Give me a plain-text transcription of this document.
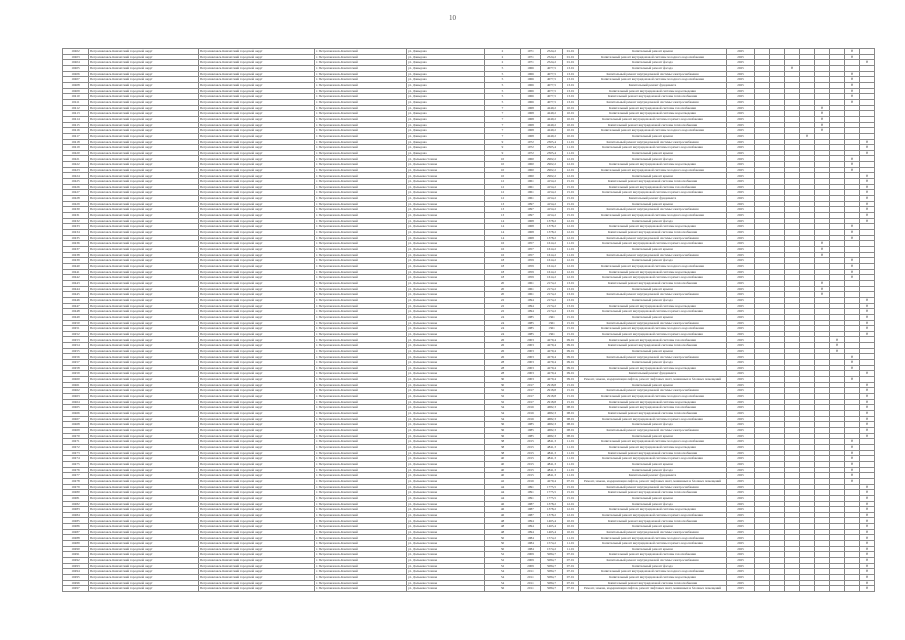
10
10402	Петропавловск-Камчатский городской округ	Петропавловск-Камчатский городской округ	г. Петропавловск-Камчатский	ул. Давыдова	2	1971	2524,2	01.01	Капитальный ремонт крыши	2025							✕	
10403	Петропавловск-Камчатский городской округ	Петропавловск-Камчатский городской округ	г. Петропавловск-Камчатский	ул. Давыдова	2	1971	2524,2	01.01	Капитальный ремонт внутридомовой системы холодного водоснабжения	2025							✕	
10404	Петропавловск-Камчатский городской округ	Петропавловск-Камчатский городской округ	г. Петропавловск-Камчатский	ул. Давыдова	2	1971	2524,2	01.01	Капитальный ремонт фасада	2025								✕
10405	Петропавловск-Камчатский городской округ	Петропавловск-Камчатский городской округ	г. Петропавловск-Камчатский	ул. Давыдова	5	1966	4077,5	13.01	Капитальный ремонт фасада	2025			✕					
10406	Петропавловск-Камчатский городской округ	Петропавловск-Камчатский городской округ	г. Петропавловск-Камчатский	ул. Давыдова	5	1966	4077,5	13.01	Капитальный ремонт внутридомовой системы электроснабжения	2025							✕	
10407	Петропавловск-Камчатский городской округ	Петропавловск-Камчатский городской округ	г. Петропавловск-Камчатский	ул. Давыдова	5	1966	4077,5	13.01	Капитальный ремонт внутридомовой системы холодного водоснабжения	2025							✕	
10408	Петропавловск-Камчатский городской округ	Петропавловск-Камчатский городской округ	г. Петропавловск-Камчатский	ул. Давыдова	5	1966	4077,5	13.01	Капитальный ремонт фундамента	2025							✕	
10409	Петропавловск-Камчатский городской округ	Петропавловск-Камчатский городской округ	г. Петропавловск-Камчатский	ул. Давыдова	5	1966	4077,5	13.01	Капитальный ремонт внутридомовой системы водоотведения	2025							✕	
10410	Петропавловск-Камчатский городской округ	Петропавловск-Камчатский городской округ	г. Петропавловск-Камчатский	ул. Давыдова	5	1966	4077,5	13.01	Капитальный ремонт внутридомовой системы теплоснабжения	2025							✕	
10411	Петропавловск-Камчатский городской округ	Петропавловск-Камчатский городской округ	г. Петропавловск-Камчатский	ул. Давыдова	5	1966	4077,5	13.01	Капитальный ремонт внутридомовой системы электроснабжения	2025							✕	
10412	Петропавловск-Камчатский городской округ	Петропавловск-Камчатский городской округ	г. Петропавловск-Камчатский	ул. Давыдова	7	1968	4249,2	10.01	Капитальный ремонт внутридомовой системы газоснабжения	2025					✕			
10413	Петропавловск-Камчатский городской округ	Петропавловск-Камчатский городской округ	г. Петропавловск-Камчатский	ул. Давыдова	7	1968	4249,2	10.01	Капитальный ремонт внутридомовой системы водоотведения	2025					✕			
10414	Петропавловск-Камчатский городской округ	Петропавловск-Камчатский городской округ	г. Петропавловск-Камчатский	ул. Давыдова	7	1968	4249,2	10.01	Капитальный ремонт внутридомовой системы горячего водоснабжения	2025					✕			
10415	Петропавловск-Камчатский городской округ	Петропавловск-Камчатский городской округ	г. Петропавловск-Камчатский	ул. Давыдова	7	1968	4249,2	10.01	Капитальный ремонт внутридомовой системы теплоснабжения	2025					✕			
10416	Петропавловск-Камчатский городской округ	Петропавловск-Камчатский городской округ	г. Петропавловск-Камчатский	ул. Давыдова	7	1968	4249,2	10.01	Капитальный ремонт внутридомовой системы холодного водоснабжения	2025					✕			
10417	Петропавловск-Камчатский городской округ	Петропавловск-Камчатский городской округ	г. Петропавловск-Камчатский	ул. Давыдова	7	1968	4249,2	10.01	Капитальный ремонт крыши	2025				✕				
10418	Петропавловск-Камчатский городской округ	Петропавловск-Камчатский городской округ	г. Петропавловск-Камчатский	ул. Давыдова	9	1972	2305,4	11.01	Капитальный ремонт внутридомовой системы электроснабжения	2025								✕
10419	Петропавловск-Камчатский городской округ	Петропавловск-Камчатский городской округ	г. Петропавловск-Камчатский	ул. Давыдова	9	1972	2305,4	11.01	Капитальный ремонт внутридомовой системы горячего водоснабжения	2025								✕
10420	Петропавловск-Камчатский городской округ	Петропавловск-Камчатский городской округ	г. Петропавловск-Камчатский	ул. Давыдова	9	1972	2305,4	11.01	Капитальный ремонт крыши	2025								✕
10421	Петропавловск-Камчатский городской округ	Петропавловск-Камчатский городской округ	г. Петропавловск-Камчатский	ул. Дальневосточная	10	1960	2902,2	12.01	Капитальный ремонт фасада	2025							✕	
10422	Петропавловск-Камчатский городской округ	Петропавловск-Камчатский городской округ	г. Петропавловск-Камчатский	ул. Дальневосточная	10	1960	2902,2	12.01	Капитальный ремонт внутридомовой системы водоотведения	2025							✕	
10423	Петропавловск-Камчатский городской округ	Петропавловск-Камчатский городской округ	г. Петропавловск-Камчатский	ул. Дальневосточная	10	1960	2902,2	12.01	Капитальный ремонт внутридомовой системы холодного водоснабжения	2025							✕	
10424	Петропавловск-Камчатский городской округ	Петропавловск-Камчатский городской округ	г. Петропавловск-Камчатский	ул. Дальневосточная	10	1960	2902,2	12.01	Капитальный ремонт крыши	2025								✕
10425	Петропавловск-Камчатский городской округ	Петропавловск-Камчатский городской округ	г. Петропавловск-Камчатский	ул. Дальневосточная	12	1961	4154,2	15.01	Капитальный ремонт внутридомовой системы теплоснабжения	2025								✕
10426	Петропавловск-Камчатский городской округ	Петропавловск-Камчатский городской округ	г. Петропавловск-Камчатский	ул. Дальневосточная	12	1961	4154,2	15.01	Капитальный ремонт внутридомовой системы газоснабжения	2025								✕
10427	Петропавловск-Камчатский городской округ	Петропавловск-Камчатский городской округ	г. Петропавловск-Камчатский	ул. Дальневосточная	12	1961	4154,2	15.01	Капитальный ремонт внутридомовой системы горячего водоснабжения	2025								✕
10428	Петропавловск-Камчатский городской округ	Петропавловск-Камчатский городской округ	г. Петропавловск-Камчатский	ул. Дальневосточная	12	1961	4154,2	15.01	Капитальный ремонт фундамента	2025								✕
10429	Петропавловск-Камчатский городской округ	Петропавловск-Камчатский городской округ	г. Петропавловск-Камчатский	ул. Дальневосточная	13	1997	4154,2	15.01	Капитальный ремонт крыши	2025								✕
10430	Петропавловск-Камчатский городской округ	Петропавловск-Камчатский городской округ	г. Петропавловск-Камчатский	ул. Дальневосточная	13	1997	4154,2	15.01	Капитальный ремонт внутридомовой системы электроснабжения	2025								✕
10431	Петропавловск-Камчатский городской округ	Петропавловск-Камчатский городской округ	г. Петропавловск-Камчатский	ул. Дальневосточная	13	1997	4154,2	15.01	Капитальный ремонт внутридомовой системы холодного водоснабжения	2025								✕
10432	Петропавловск-Камчатский городской округ	Петропавловск-Камчатский городской округ	г. Петропавловск-Камчатский	ул. Дальневосточная	14	1968	1378,2	12.01	Капитальный ремонт фасада	2025								✕
10433	Петропавловск-Камчатский городской округ	Петропавловск-Камчатский городской округ	г. Петропавловск-Камчатский	ул. Дальневосточная	14	1968	1378,2	12.01	Капитальный ремонт внутридомовой системы водоотведения	2025							✕	
10434	Петропавловск-Камчатский городской округ	Петропавловск-Камчатский городской округ	г. Петропавловск-Камчатский	ул. Дальневосточная	14	1968	1378,2	12.01	Капитальный ремонт внутридомовой системы теплоснабжения	2025							✕	
10435	Петропавловск-Камчатский городской округ	Петропавловск-Камчатский городской округ	г. Петропавловск-Камчатский	ул. Дальневосточная	14	1968	1378,2	12.01	Капитальный ремонт внутридомовой системы электроснабжения	2025							✕	
10436	Петропавловск-Камчатский городской округ	Петропавловск-Камчатский городской округ	г. Петропавловск-Камчатский	ул. Дальневосточная	16	1957	1614,2	11.01	Капитальный ремонт внутридомовой системы горячего водоснабжения	2025					✕			
10437	Петропавловск-Камчатский городской округ	Петропавловск-Камчатский городской округ	г. Петропавловск-Камчатский	ул. Дальневосточная	16	1957	1614,2	11.01	Капитальный ремонт крыши	2025					✕			
10438	Петропавловск-Камчатский городской округ	Петропавловск-Камчатский городской округ	г. Петропавловск-Камчатский	ул. Дальневосточная	16	1957	1614,2	11.01	Капитальный ремонт внутридомовой системы электроснабжения	2025					✕			
10439	Петропавловск-Камчатский городской округ	Петропавловск-Камчатский городской округ	г. Петропавловск-Камчатский	ул. Дальневосточная	18	1959	1614,2	12.01	Капитальный ремонт фасада	2025							✕	
10440	Петропавловск-Камчатский городской округ	Петропавловск-Камчатский городской округ	г. Петропавловск-Камчатский	ул. Дальневосточная	18	1959	1614,2	12.01	Капитальный ремонт внутридомовой системы холодного водоснабжения	2025							✕	
10441	Петропавловск-Камчатский городской округ	Петропавловск-Камчатский городской округ	г. Петропавловск-Камчатский	ул. Дальневосточная	18	1959	1614,2	12.01	Капитальный ремонт внутридомовой системы водоотведения	2025							✕	
10442	Петропавловск-Камчатский городской округ	Петропавловск-Камчатский городской округ	г. Петропавловск-Камчатский	ул. Дальневосточная	18	1959	1614,2	12.01	Капитальный ремонт внутридомовой системы горячего водоснабжения	2025							✕	
10443	Петропавловск-Камчатский городской округ	Петропавловск-Камчатский городской округ	г. Петропавловск-Камчатский	ул. Дальневосточная	20	1961	2174,2	13.01	Капитальный ремонт внутридомовой системы теплоснабжения	2025					✕			
10444	Петропавловск-Камчатский городской округ	Петропавловск-Камчатский городской округ	г. Петропавловск-Камчатский	ул. Дальневосточная	20	1961	2174,2	13.01	Капитальный ремонт крыши	2025					✕			
10445	Петропавловск-Камчатский городской округ	Петропавловск-Камчатский городской округ	г. Петропавловск-Камчатский	ул. Дальневосточная	20	1961	2174,2	13.01	Капитальный ремонт внутридомовой системы электроснабжения	2025					✕			
10446	Петропавловск-Камчатский городской округ	Петропавловск-Камчатский городской округ	г. Петропавловск-Камчатский	ул. Дальневосточная	22	1994	2174,2	13.01	Капитальный ремонт фасада	2025								✕
10447	Петропавловск-Камчатский городской округ	Петропавловск-Камчатский городской округ	г. Петропавловск-Камчатский	ул. Дальневосточная	22	1994	2174,2	13.01	Капитальный ремонт внутридомовой системы водоотведения	2025								✕
10448	Петропавловск-Камчатский городской округ	Петропавловск-Камчатский городской округ	г. Петропавловск-Камчатский	ул. Дальневосточная	22	1994	2174,2	13.01	Капитальный ремонт внутридомовой системы горячего водоснабжения	2025								✕
10449	Петропавловск-Камчатский городской округ	Петропавловск-Камчатский городской округ	г. Петропавловск-Камчатский	ул. Дальневосточная	24	1985	1361	15.01	Капитальный ремонт крыши	2025								✕
10450	Петропавловск-Камчатский городской округ	Петропавловск-Камчатский городской округ	г. Петропавловск-Камчатский	ул. Дальневосточная	24	1985	1361	15.01	Капитальный ремонт внутридомовой системы электроснабжения	2025								✕
10451	Петропавловск-Камчатский городской округ	Петропавловск-Камчатский городской округ	г. Петропавловск-Камчатский	ул. Дальневосточная	24	1985	1361	15.01	Капитальный ремонт внутридомовой системы холодного водоснабжения	2025								✕
10452	Петропавловск-Камчатский городской округ	Петропавловск-Камчатский городской округ	г. Петропавловск-Камчатский	ул. Дальневосточная	24	1985	1361	15.01	Капитальный ремонт внутридомовой системы горячего водоснабжения	2025								✕
10453	Петропавловск-Камчатский городской округ	Петропавловск-Камчатский городской округ	г. Петропавловск-Камчатский	ул. Дальневосточная	26	2003	4279,4	09.01	Капитальный ремонт внутридомовой системы газоснабжения	2025						✕		
10454	Петропавловск-Камчатский городской округ	Петропавловск-Камчатский городской округ	г. Петропавловск-Камчатский	ул. Дальневосточная	26	2003	4279,4	09.01	Капитальный ремонт внутридомовой системы теплоснабжения	2025						✕		
10455	Петропавловск-Камчатский городской округ	Петропавловск-Камчатский городской округ	г. Петропавловск-Камчатский	ул. Дальневосточная	26	2003	4279,4	09.01	Капитальный ремонт крыши	2025						✕		
10456	Петропавловск-Камчатский городской округ	Петропавловск-Камчатский городской округ	г. Петропавловск-Камчатский	ул. Дальневосточная	26	2003	4279,4	09.01	Капитальный ремонт внутридомовой системы электроснабжения	2025							✕	
10457	Петропавловск-Камчатский городской округ	Петропавловск-Камчатский городской округ	г. Петропавловск-Камчатский	ул. Дальневосточная	28	2003	4279,4	09.01	Капитальный ремонт фасада	2025							✕	
10458	Петропавловск-Камчатский городской округ	Петропавловск-Камчатский городской округ	г. Петропавловск-Камчатский	ул. Дальневосточная	28	2003	4279,4	09.01	Капитальный ремонт внутридомовой системы водоотведения	2025							✕	
10459	Петропавловск-Камчатский городской округ	Петропавловск-Камчатский городской округ	г. Петропавловск-Камчатский	ул. Дальневосточная	28	2003	4279,4	09.01	Капитальный ремонт фундамента	2025								✕
10460	Петропавловск-Камчатский городской округ	Петропавловск-Камчатский городской округ	г. Петропавловск-Камчатский	ул. Дальневосточная	30	2003	4279,4	09.01	Ремонт, замена, модернизация лифтов, ремонт лифтовых шахт, машинных и блочных помещений	2025							✕	
10461	Петропавловск-Камчатский городской округ	Петропавловск-Камчатский городской округ	г. Петропавловск-Камчатский	ул. Дальневосточная	30	2017	2918,8	15.01	Капитальный ремонт крыши	2025								✕
10462	Петропавловск-Камчатский городской округ	Петропавловск-Камчатский городской округ	г. Петропавловск-Камчатский	ул. Дальневосточная	32	2017	2918,8	15.01	Капитальный ремонт внутридомовой системы электроснабжения	2025								✕
10463	Петропавловск-Камчатский городской округ	Петропавловск-Камчатский городской округ	г. Петропавловск-Камчатский	ул. Дальневосточная	32	2017	2918,8	15.01	Капитальный ремонт внутридомовой системы холодного водоснабжения	2025								✕
10464	Петропавловск-Камчатский городской округ	Петропавловск-Камчатский городской округ	г. Петропавловск-Камчатский	ул. Дальневосточная	32	2017	2918,8	15.01	Капитальный ремонт внутридомовой системы водоотведения	2025								✕
10465	Петропавловск-Камчатский городской округ	Петропавловск-Камчатский городской округ	г. Петропавловск-Камчатский	ул. Дальневосточная	34	2016	4682,3	08.01	Капитальный ремонт внутридомовой системы газоснабжения	2025								✕
10466	Петропавловск-Камчатский городской округ	Петропавловск-Камчатский городской округ	г. Петропавловск-Камчатский	ул. Дальневосточная	34	2016	4682,3	08.01	Капитальный ремонт внутридомовой системы теплоснабжения	2025								✕
10467	Петропавловск-Камчатский городской округ	Петропавловск-Камчатский городской округ	г. Петропавловск-Камчатский	ул. Дальневосточная	34	2016	4682,3	08.01	Капитальный ремонт внутридомовой системы горячего водоснабжения	2025								✕
10468	Петропавловск-Камчатский городской округ	Петропавловск-Камчатский городской округ	г. Петропавловск-Камчатский	ул. Дальневосточная	36	1985	4682,3	08.01	Капитальный ремонт фасада	2025								✕
10469	Петропавловск-Камчатский городской округ	Петропавловск-Камчатский городской округ	г. Петропавловск-Камчатский	ул. Дальневосточная	36	1985	4682,3	08.01	Капитальный ремонт внутридомовой системы электроснабжения	2025								✕
10470	Петропавловск-Камчатский городской округ	Петропавловск-Камчатский городской округ	г. Петропавловск-Камчатский	ул. Дальневосточная	36	1985	4682,3	08.01	Капитальный ремонт крыши	2025								✕
10471	Петропавловск-Камчатский городской округ	Петропавловск-Камчатский городской округ	г. Петропавловск-Камчатский	ул. Дальневосточная	38	2015	4841,3	11.01	Капитальный ремонт внутридомовой системы холодного водоснабжения	2025							✕	
10472	Петропавловск-Камчатский городской округ	Петропавловск-Камчатский городской округ	г. Петропавловск-Камчатский	ул. Дальневосточная	38	2015	4841,3	11.01	Капитальный ремонт внутридомовой системы водоотведения	2025							✕	
10473	Петропавловск-Камчатский городской округ	Петропавловск-Камчатский городской округ	г. Петропавловск-Камчатский	ул. Дальневосточная	38	2015	4841,3	11.01	Капитальный ремонт внутридомовой системы теплоснабжения	2025							✕	
10474	Петропавловск-Камчатский городской округ	Петропавловск-Камчатский городской округ	г. Петропавловск-Камчатский	ул. Дальневосточная	40	2015	4841,3	11.01	Капитальный ремонт внутридомовой системы горячего водоснабжения	2025							✕	
10475	Петропавловск-Камчатский городской округ	Петропавловск-Камчатский городской округ	г. Петропавловск-Камчатский	ул. Дальневосточная	40	2015	4841,3	11.01	Капитальный ремонт крыши	2025							✕	
10476	Петропавловск-Камчатский городской округ	Петропавловск-Камчатский городской округ	г. Петропавловск-Камчатский	ул. Дальневосточная	40	2015	4841,3	11.01	Капитальный ремонт фасада	2025							✕	
10477	Петропавловск-Камчатский городской округ	Петропавловск-Камчатский городской округ	г. Петропавловск-Камчатский	ул. Дальневосточная	40	2015	4841,3	11.01	Капитальный ремонт фундамента	2025							✕	
10478	Петропавловск-Камчатский городской округ	Петропавловск-Камчатский городской округ	г. Петропавловск-Камчатский	ул. Дальневосточная	42	2016	4279,4	07.01	Ремонт, замена, модернизация лифтов, ремонт лифтовых шахт, машинных и блочных помещений	2025							✕	
10479	Петропавловск-Камчатский городской округ	Петропавловск-Камчатский городской округ	г. Петропавловск-Камчатский	ул. Дальневосточная	44	1991	1775,5	15.01	Капитальный ремонт внутридомовой системы электроснабжения	2025								✕
10480	Петропавловск-Камчатский городской округ	Петропавловск-Камчатский городской округ	г. Петропавловск-Камчатский	ул. Дальневосточная	44	1991	1775,5	15.01	Капитальный ремонт внутридомовой системы теплоснабжения	2025								✕
10481	Петропавловск-Камчатский городской округ	Петропавловск-Камчатский городской округ	г. Петропавловск-Камчатский	ул. Дальневосточная	44	1991	1775,5	15.01	Капитальный ремонт крыши	2025								✕
10482	Петропавловск-Камчатский городской округ	Петропавловск-Камчатский городской округ	г. Петропавловск-Камчатский	ул. Дальневосточная	46	1987	1378,2	12.01	Капитальный ремонт фасада	2025								✕
10483	Петропавловск-Камчатский городской округ	Петропавловск-Камчатский городской округ	г. Петропавловск-Камчатский	ул. Дальневосточная	46	1987	1378,2	12.01	Капитальный ремонт внутридомовой системы водоотведения	2025								✕
10484	Петропавловск-Камчатский городской округ	Петропавловск-Камчатский городской округ	г. Петропавловск-Камчатский	ул. Дальневосточная	46	1987	1378,2	12.01	Капитальный ремонт внутридомовой системы горячего водоснабжения	2025								✕
10485	Петропавловск-Камчатский городской округ	Петропавловск-Камчатский городской округ	г. Петропавловск-Камчатский	ул. Дальневосточная	48	1994	1465,4	10.01	Капитальный ремонт внутридомовой системы теплоснабжения	2025								✕
10486	Петропавловск-Камчатский городской округ	Петропавловск-Камчатский городской округ	г. Петропавловск-Камчатский	ул. Дальневосточная	48	1994	1465,4	10.01	Капитальный ремонт крыши	2025								✕
10487	Петропавловск-Камчатский городской округ	Петропавловск-Камчатский городской округ	г. Петропавловск-Камчатский	ул. Дальневосточная	48	1994	1465,4	10.01	Капитальный ремонт внутридомовой системы электроснабжения	2025								✕
10488	Петропавловск-Камчатский городской округ	Петропавловск-Камчатский городской округ	г. Петропавловск-Камчатский	ул. Дальневосточная	50	1984	1574,2	11.01	Капитальный ремонт внутридомовой системы холодного водоснабжения	2025								✕
10489	Петропавловск-Камчатский городской округ	Петропавловск-Камчатский городской округ	г. Петропавловск-Камчатский	ул. Дальневосточная	50	1984	1574,2	11.01	Капитальный ремонт внутридомовой системы горячего водоснабжения	2025								✕
10490	Петропавловск-Камчатский городской округ	Петропавловск-Камчатский городской округ	г. Петропавловск-Камчатский	ул. Дальневосточная	50	1984	1574,2	11.01	Капитальный ремонт крыши	2025								✕
10491	Петропавловск-Камчатский городской округ	Петропавловск-Камчатский городской округ	г. Петропавловск-Камчатский	ул. Дальневосточная	52	2009	5084,7	07.01	Капитальный ремонт внутридомовой системы газоснабжения	2025								✕
10492	Петропавловск-Камчатский городской округ	Петропавловск-Камчатский городской округ	г. Петропавловск-Камчатский	ул. Дальневосточная	52	2009	5084,7	07.01	Капитальный ремонт внутридомовой системы электроснабжения	2025								✕
10493	Петропавловск-Камчатский городской округ	Петропавловск-Камчатский городской округ	г. Петропавловск-Камчатский	ул. Дальневосточная	52	2009	5084,7	07.01	Капитальный ремонт фасада	2025								✕
10494	Петропавловск-Камчатский городской округ	Петропавловск-Камчатский городской округ	г. Петропавловск-Камчатский	ул. Дальневосточная	54	2011	5084,7	07.01	Капитальный ремонт внутридомовой системы холодного водоснабжения	2025								✕
10495	Петропавловск-Камчатский городской округ	Петропавловск-Камчатский городской округ	г. Петропавловск-Камчатский	ул. Дальневосточная	54	2011	5084,7	07.01	Капитальный ремонт внутридомовой системы водоотведения	2025								✕
10496	Петропавловск-Камчатский городской округ	Петропавловск-Камчатский городской округ	г. Петропавловск-Камчатский	ул. Дальневосточная	54	2011	5084,7	07.01	Капитальный ремонт внутридомовой системы теплоснабжения	2025								✕
10497	Петропавловск-Камчатский городской округ	Петропавловск-Камчатский городской округ	г. Петропавловск-Камчатский	ул. Дальневосточная	56	2011	5084,7	07.01	Ремонт, замена, модернизация лифтов, ремонт лифтовых шахт, машинных и блочных помещений	2025								✕
